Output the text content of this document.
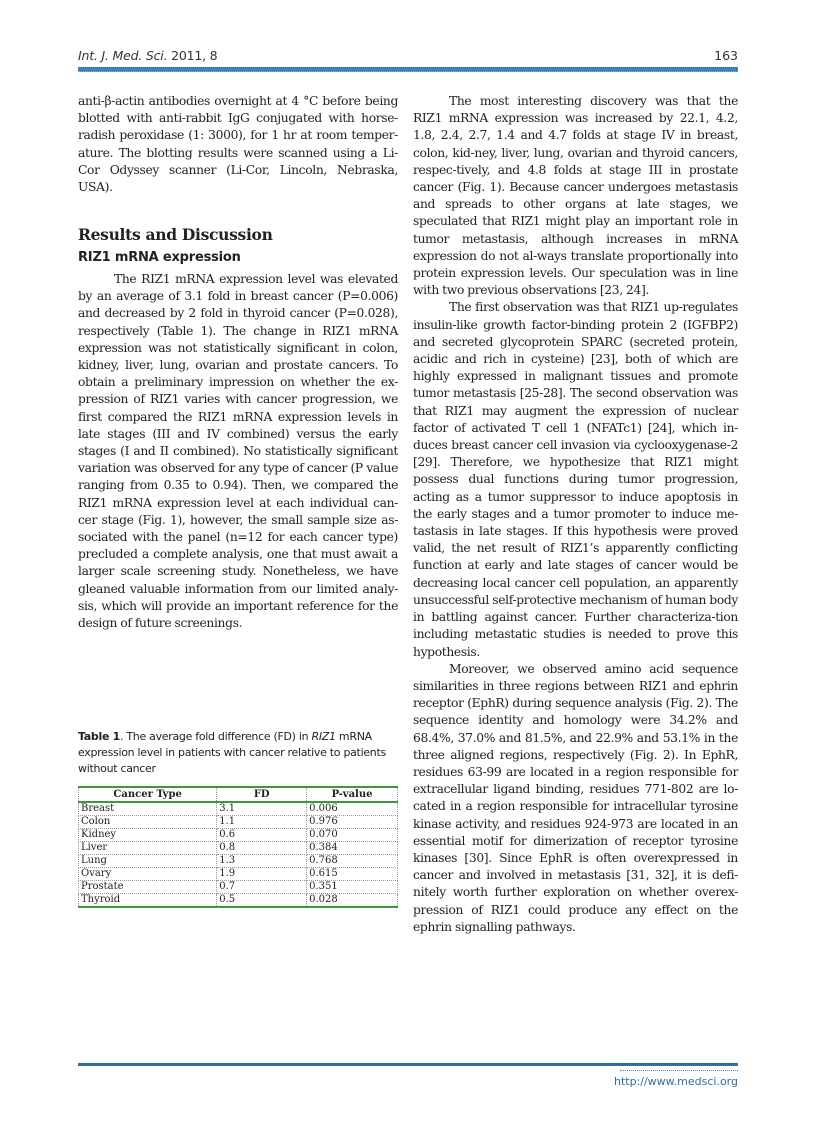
Int. J. Med. Sci. 2011, 8	163

anti-β-actin antibodies overnight at 4 °C before being blotted with anti-rabbit IgG conjugated with horse-radish peroxidase (1: 3000), for 1 hr at room temper-ature. The blotting results were scanned using a Li-Cor Odyssey scanner (Li-Cor, Lincoln, Nebraska, USA).

Results and Discussion
RIZ1 mRNA expression

The RIZ1 mRNA expression level was elevated by an average of 3.1 fold in breast cancer (P=0.006) and decreased by 2 fold in thyroid cancer (P=0.028), respectively (Table 1). The change in RIZ1 mRNA expression was not statistically significant in colon, kidney, liver, lung, ovarian and prostate cancers. To obtain a preliminary impression on whether the ex-pression of RIZ1 varies with cancer progression, we first compared the RIZ1 mRNA expression levels in late stages (III and IV combined) versus the early stages (I and II combined). No statistically significant variation was observed for any type of cancer (P value ranging from 0.35 to 0.94). Then, we compared the RIZ1 mRNA expression level at each individual can-cer stage (Fig. 1), however, the small sample size as-sociated with the panel (n=12 for each cancer type) precluded a complete analysis, one that must await a larger scale screening study. Nonetheless, we have gleaned valuable information from our limited analy-sis, which will provide an important reference for the design of future screenings.

Table 1. The average fold difference (FD) in RIZ1 mRNA expression level in patients with cancer relative to patients without cancer
Cancer Type	FD	P-value
Breast	3.1	0.006
Colon	1.1	0.976
Kidney	0.6	0.070
Liver	0.8	0.384
Lung	1.3	0.768
Ovary	1.9	0.615
Prostate	0.7	0.351
Thyroid	0.5	0.028

The most interesting discovery was that the RIZ1 mRNA expression was increased by 22.1, 4.2, 1.8, 2.4, 2.7, 1.4 and 4.7 folds at stage IV in breast, colon, kid-ney, liver, lung, ovarian and thyroid cancers, respec-tively, and 4.8 folds at stage III in prostate cancer (Fig. 1). Because cancer undergoes metastasis and spreads to other organs at late stages, we speculated that RIZ1 might play an important role in tumor metastasis, although increases in mRNA expression do not al-ways translate proportionally into protein expression levels. Our speculation was in line with two previous observations [23, 24].

The first observation was that RIZ1 up-regulates insulin-like growth factor-binding protein 2 (IGFBP2) and secreted glycoprotein SPARC (secreted protein, acidic and rich in cysteine) [23], both of which are highly expressed in malignant tissues and promote tumor metastasis [25-28]. The second observation was that RIZ1 may augment the expression of nuclear factor of activated T cell 1 (NFATc1) [24], which in-duces breast cancer cell invasion via cyclooxygenase-2 [29]. Therefore, we hypothesize that RIZ1 might possess dual functions during tumor progression, acting as a tumor suppressor to induce apoptosis in the early stages and a tumor promoter to induce me-tastasis in late stages. If this hypothesis were proved valid, the net result of RIZ1’s apparently conflicting function at early and late stages of cancer would be decreasing local cancer cell population, an apparently unsuccessful self-protective mechanism of human body in battling against cancer. Further characteriza-tion including metastatic studies is needed to prove this hypothesis.

Moreover, we observed amino acid sequence similarities in three regions between RIZ1 and ephrin receptor (EphR) during sequence analysis (Fig. 2). The sequence identity and homology were 34.2% and 68.4%, 37.0% and 81.5%, and 22.9% and 53.1% in the three aligned regions, respectively (Fig. 2). In EphR, residues 63-99 are located in a region responsible for extracellular ligand binding, residues 771-802 are lo-cated in a region responsible for intracellular tyrosine kinase activity, and residues 924-973 are located in an essential motif for dimerization of receptor tyrosine kinases [30]. Since EphR is often overexpressed in cancer and involved in metastasis [31, 32], it is defi-nitely worth further exploration on whether overex-pression of RIZ1 could produce any effect on the ephrin signalling pathways.

http://www.medsci.org
